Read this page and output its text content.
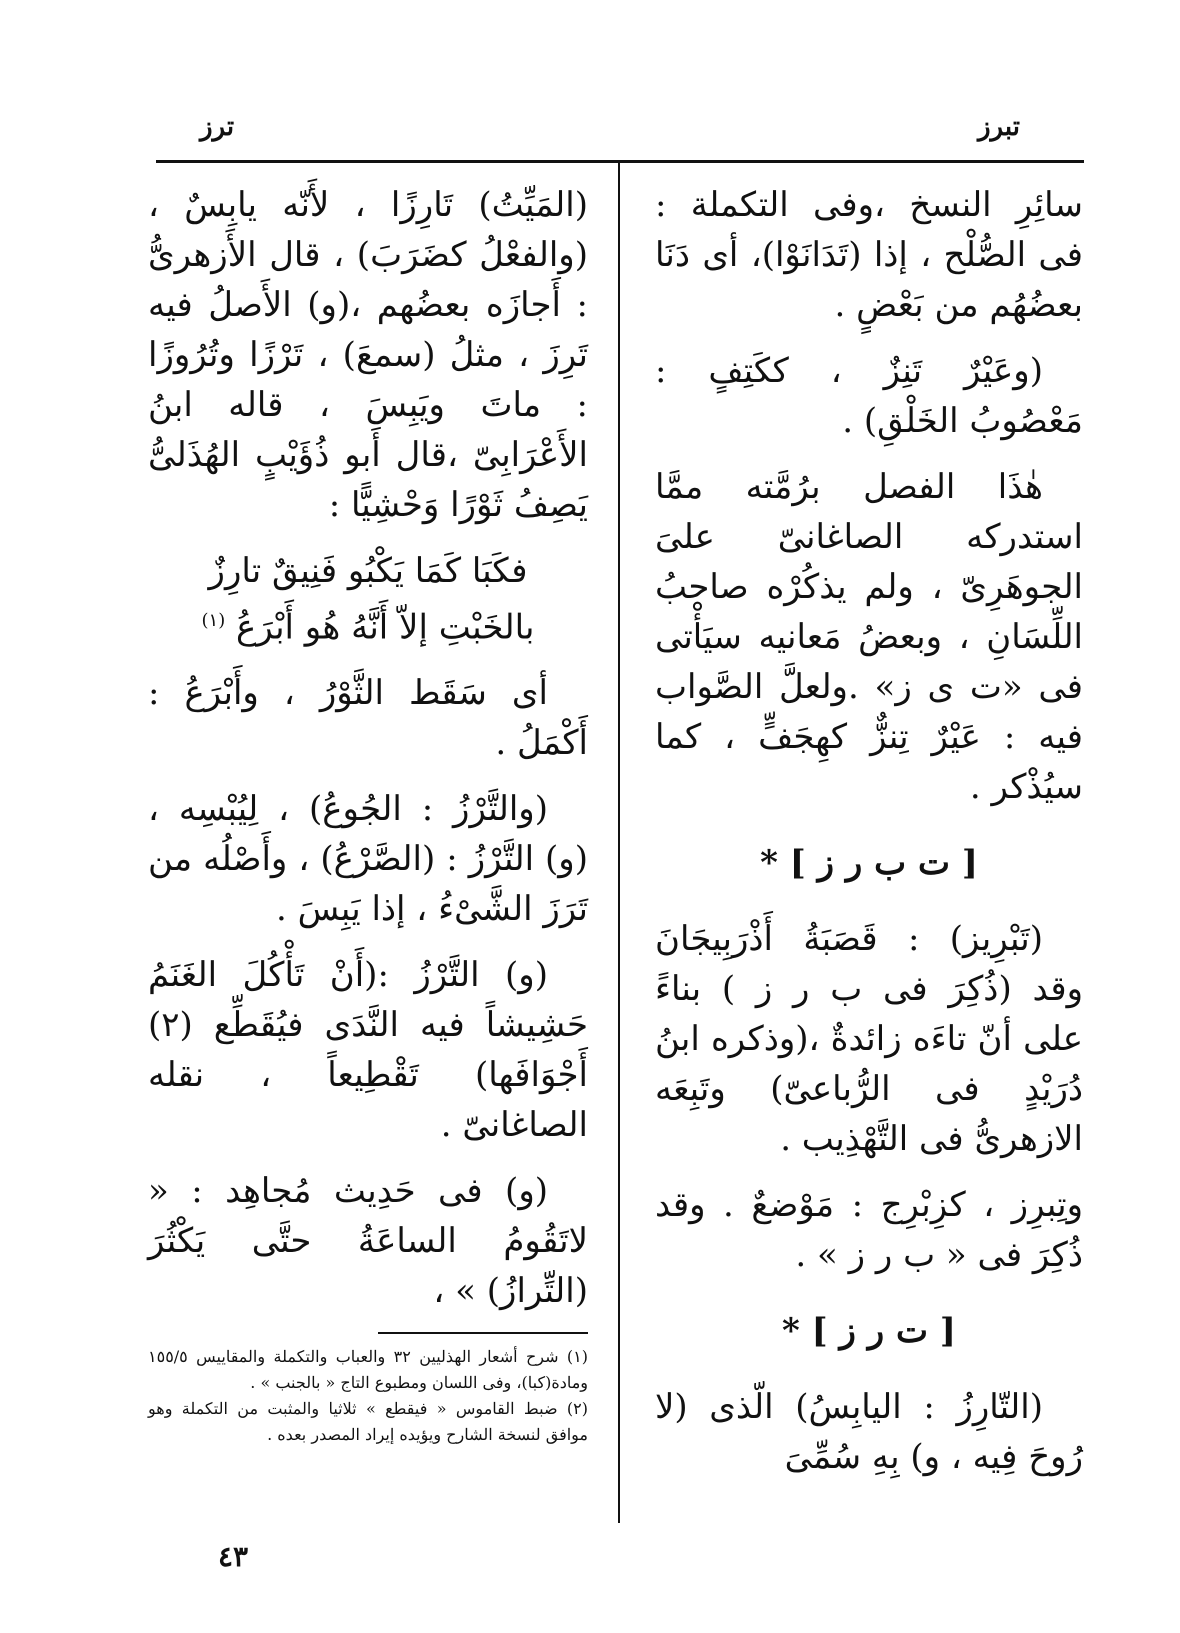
تبرز
ترز

سائِرِ النسخ ،وفى التكملة : فى الصُّلْح ، إذا (تَدَانَوْا)، أى دَنَا بعضُهُم من بَعْضٍ .

(وعَيْرٌ تَنِزٌ ، ككَتِفٍ : مَعْصُوبُ الخَلْقِ) .

هٰذَا الفصل برُمَّته ممَّا استدركه الصاغانىّ علىَ الجوهَرِىّ ، ولم يذكُرْه صاحبُ اللِّسَانِ ، وبعضُ مَعانيه سيَأْتى فى «ت ى ز» .ولعلَّ الصَّواب فيه : عَيْرٌ تِنزٌّ كهِجَفٍّ ، كما سيُذْكر .

[ ت ب ر ز ] *

(تَبْرِيز) : قَصَبَةُ أَذْرَبِيجَانَ وقد (ذُكِرَ فى ب ر ز ) بناءً على أنّ تاءَه زائدةٌ ،(وذكره ابنُ دُرَيْدٍ فى الرُّباعىّ) وتَبِعَه الازهرىُّ فى التَّهْذِيب .

وتِبرِز ، كزِبْرِج : مَوْضعٌ . وقد ذُكِرَ فى « ب ر ز » .

[ ت ر ز ] *

(التّارِزُ : اليابِسُ) الّذى (لا رُوحَ فِيه ، و) بِهِ سُمِّىَ

(المَيِّتُ) تَارِزًا ، لأَنّه يابِسٌ ، (والفعْلُ كضَرَبَ) ، قال الأَزهرىُّ : أَجازَه بعضُهم ،(و) الأَصلُ فيه تَرِزَ ، مثلُ (سمعَ) ، تَرْزًا وتُرُوزًا : ماتَ ويَبِسَ ، قاله ابنُ الأَعْرَابِىّ ،قال أَبو ذُؤَيْبٍ الهُذَلىُّ يَصِفُ ثَوْرًا وَحْشِيًّا :

فكَبَا كَمَا يَكْبُو فَنِيقٌ تارِزٌ

بالخَبْتِ إلاّ أَنَّهُ هُو أَبْرَعُ $^{(١)}$

أى سَقَط الثَّوْرُ ، وأَبْرَعُ : أَكْمَلُ .

(والتَّرْزُ : الجُوعُ) ، لِيُبْسِه ، (و) التَّرْزُ : (الصَّرْعُ) ، وأَصْلُه من تَرَزَ الشَّىْءُ ، إذا يَبِسَ .

(و) التَّرْزُ :(أَنْ تَأْكُلَ الغَنَمُ حَشِيشاً فيه النَّدَى فيُقَطِّع (٢) أَجْوَافَها) تَقْطِيعاً ، نقله الصاغانىّ .

(و) فى حَدِيث مُجاهِد : « لاتَقُومُ الساعَةُ حتَّى يَكْثُرَ (التِّرازُ) » ،

(١) شرح أشعار الهذليين ٣٢ والعباب والتكملة والمقاييس ١٥٥/٥ ومادة(كبا)، وفى اللسان ومطبوع التاج « بالجنب » .

(٢) ضبط القاموس « فيقطع » ثلاثيا والمثبت من التكملة وهو موافق لنسخة الشارح ويؤيده إيراد المصدر بعده .

٤٣
